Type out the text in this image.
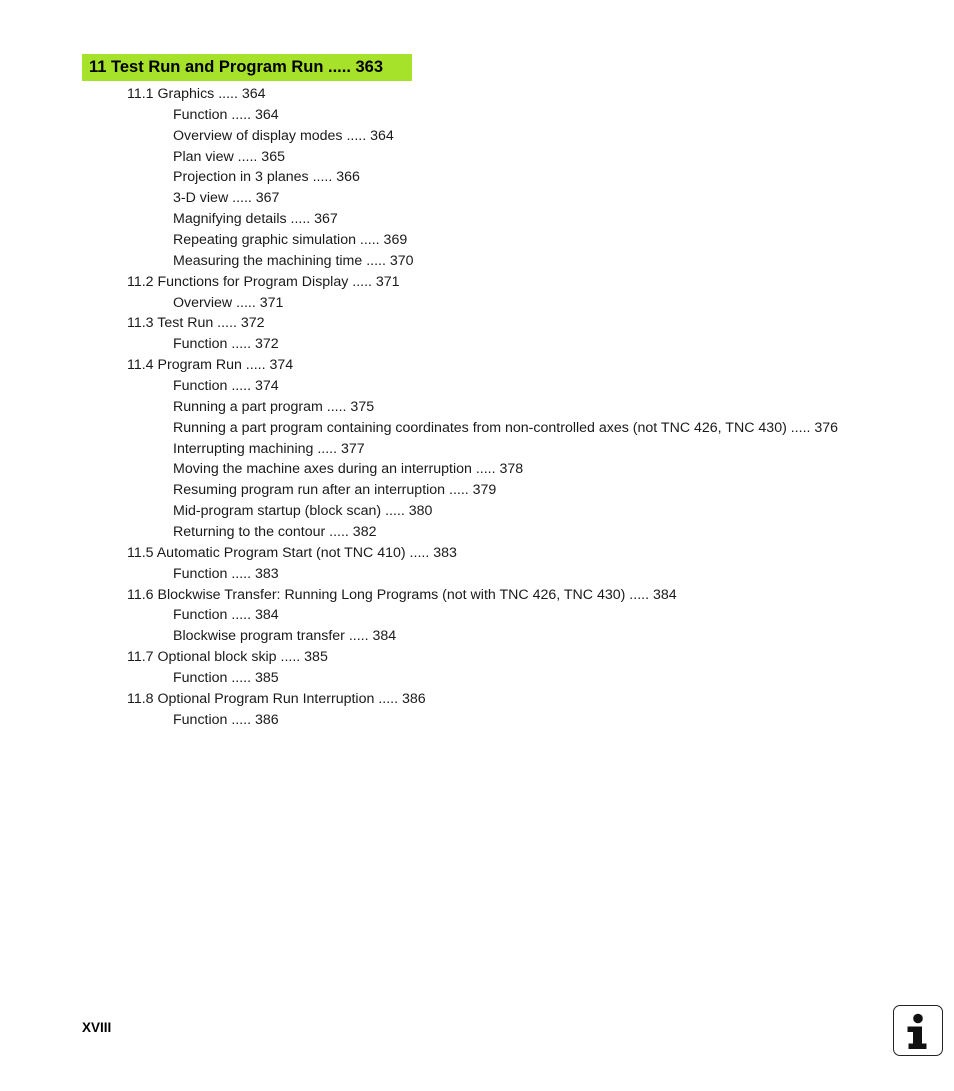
11 Test Run and Program Run ..... 363
11.1 Graphics ..... 364
Function ..... 364
Overview of display modes ..... 364
Plan view ..... 365
Projection in 3 planes ..... 366
3-D view ..... 367
Magnifying details ..... 367
Repeating graphic simulation ..... 369
Measuring the machining time ..... 370
11.2 Functions for Program Display ..... 371
Overview ..... 371
11.3 Test Run ..... 372
Function ..... 372
11.4 Program Run ..... 374
Function ..... 374
Running a part program ..... 375
Running a part program containing coordinates from non-controlled axes (not TNC 426, TNC 430) ..... 376
Interrupting machining ..... 377
Moving the machine axes during an interruption ..... 378
Resuming program run after an interruption ..... 379
Mid-program startup (block scan) ..... 380
Returning to the contour ..... 382
11.5 Automatic Program Start (not TNC 410) ..... 383
Function ..... 383
11.6 Blockwise Transfer: Running Long Programs (not with TNC 426, TNC 430) ..... 384
Function ..... 384
Blockwise program transfer ..... 384
11.7 Optional block skip ..... 385
Function ..... 385
11.8 Optional Program Run Interruption ..... 386
Function ..... 386
XVIII
